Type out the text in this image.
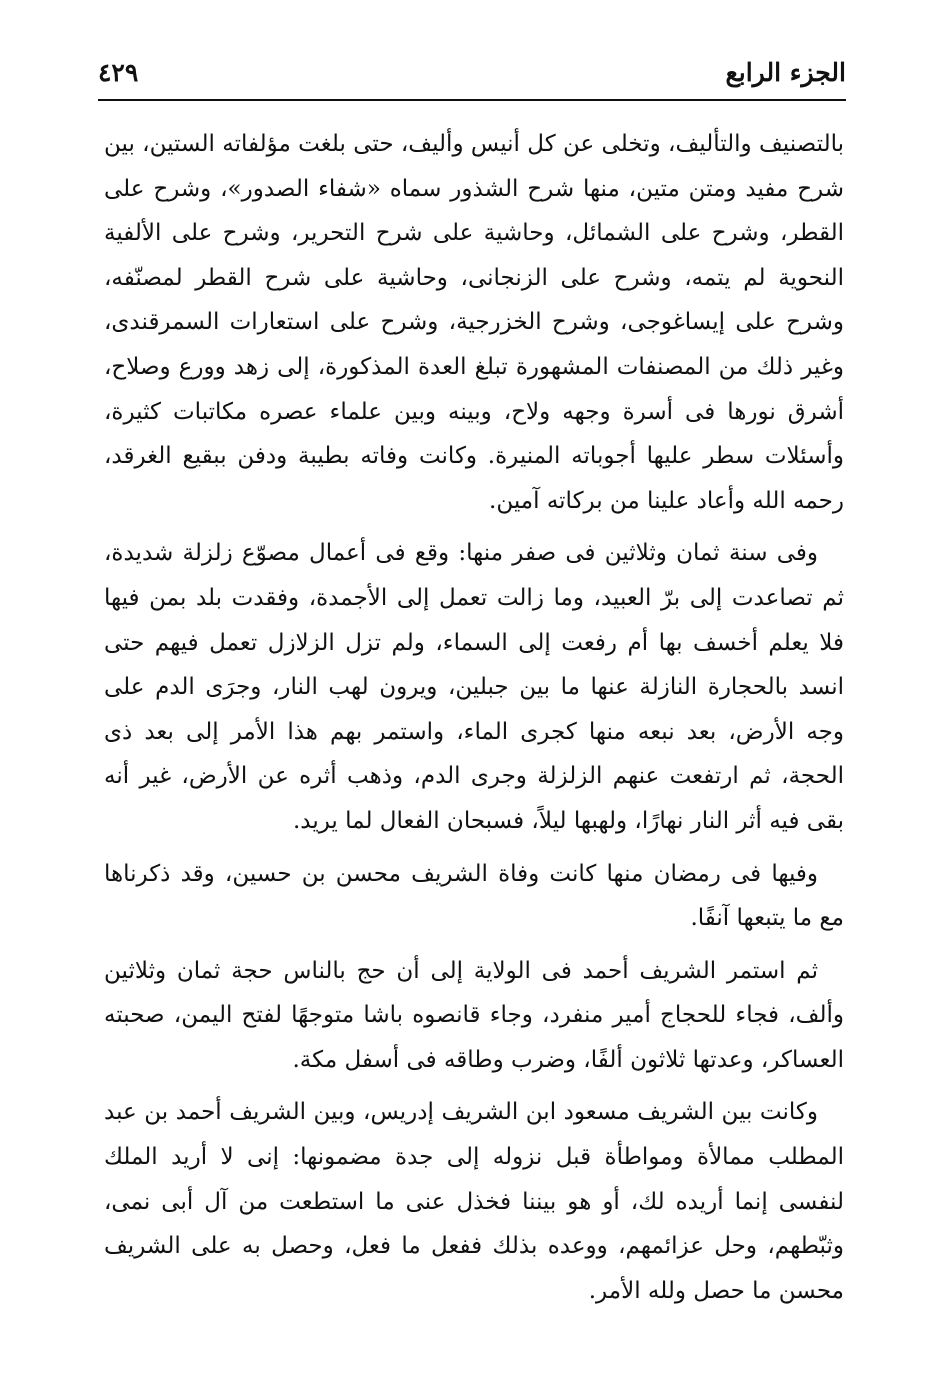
الجزء الرابع
٤٢٩

بالتصنيف والتأليف، وتخلى عن كل أنيس وأليف، حتى بلغت مؤلفاته الستين، بين شرح مفيد ومتن متين، منها شرح الشذور سماه «شفاء الصدور»، وشرح على القطر، وشرح على الشمائل، وحاشية على شرح التحرير، وشرح على الألفية النحوية لم يتمه، وشرح على الزنجانى، وحاشية على شرح القطر لمصنّفه، وشرح على إيساغوجى، وشرح الخزرجية، وشرح على استعارات السمرقندى، وغير ذلك من المصنفات المشهورة تبلغ العدة المذكورة، إلى زهد وورع وصلاح، أشرق نورها فى أسرة وجهه ولاح، وبينه وبين علماء عصره مكاتبات كثيرة، وأسئلات سطر عليها أجوباته المنيرة. وكانت وفاته بطيبة ودفن ببقيع الغرقد، رحمه الله وأعاد علينا من بركاته آمين.

وفى سنة ثمان وثلاثين فى صفر منها: وقع فى أعمال مصوّع زلزلة شديدة، ثم تصاعدت إلى برّ العبيد، وما زالت تعمل إلى الأجمدة، وفقدت بلد بمن فيها فلا يعلم أخسف بها أم رفعت إلى السماء، ولم تزل الزلازل تعمل فيهم حتى انسد بالحجارة النازلة عنها ما بين جبلين، ويرون لهب النار، وجرَى الدم على وجه الأرض، بعد نبعه منها كجرى الماء، واستمر بهم هذا الأمر إلى بعد ذى الحجة، ثم ارتفعت عنهم الزلزلة وجرى الدم، وذهب أثره عن الأرض، غير أنه بقى فيه أثر النار نهارًا، ولهبها ليلاً، فسبحان الفعال لما يريد.

وفيها فى رمضان منها كانت وفاة الشريف محسن بن حسين، وقد ذكرناها مع ما يتبعها آنفًا.

ثم استمر الشريف أحمد فى الولاية إلى أن حج بالناس حجة ثمان وثلاثين وألف، فجاء للحجاج أمير منفرد، وجاء قانصوه باشا متوجهًا لفتح اليمن، صحبته العساكر، وعدتها ثلاثون ألفًا، وضرب وطاقه فى أسفل مكة.

وكانت بين الشريف مسعود ابن الشريف إدريس، وبين الشريف أحمد بن عبد المطلب ممالأة ومواطأة قبل نزوله إلى جدة مضمونها: إنى لا أريد الملك لنفسى إنما أريده لك، أو هو بيننا فخذل عنى ما استطعت من آل أبى نمى، وثبّطهم، وحل عزائمهم، ووعده بذلك ففعل ما فعل، وحصل به على الشريف محسن ما حصل ولله الأمر.
